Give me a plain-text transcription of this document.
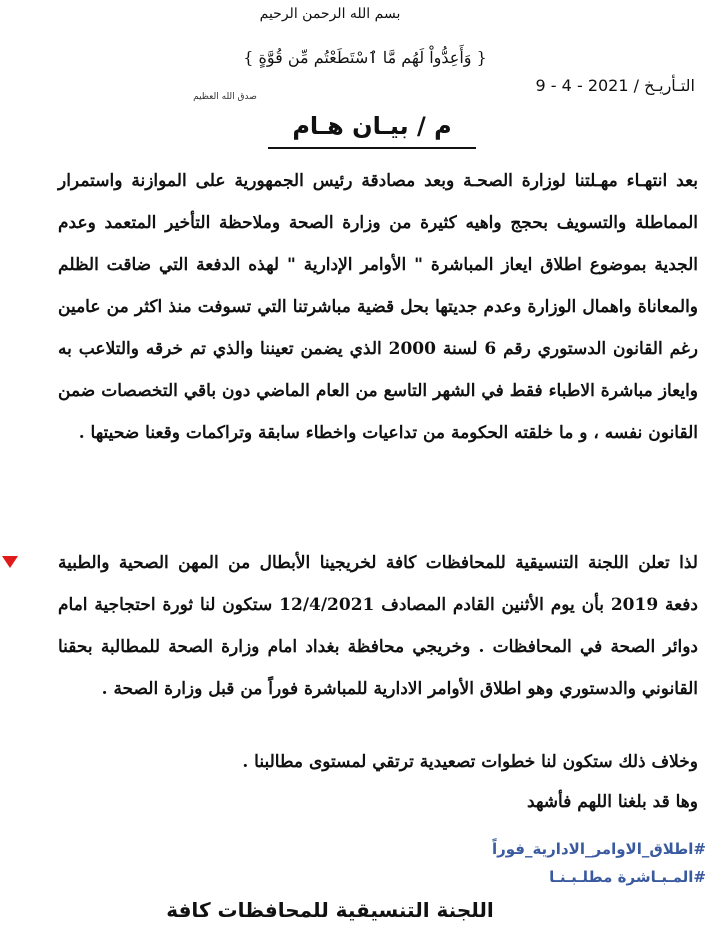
بسم الله الرحمن الرحيم
{ وَأَعِدُّواْ لَهُم مَّا ٱسْتَطَعْتُم مِّن قُوَّةٍ }
صدق الله العظيم
التـأريـخ / 2021 - 4 - 9
م / بيـان هـام
بعد انتهـاء مهـلتنا لوزارة الصحـة وبعد مصادقة رئيس الجمهورية على الموازنة واستمرار المماطلة والتسويف بحجج واهيه كثيرة من وزارة الصحة وملاحظة التأخير المتعمد وعدم الجدية بموضوع اطلاق ايعاز المباشرة " الأوامر الإدارية " لهذه الدفعة التي ضاقت الظلم والمعاناة واهمال الوزارة وعدم جديتها بحل قضية مباشرتنا التي تسوفت منذ اكثر من عامين رغم القانون الدستوري رقم 6 لسنة 2000 الذي يضمن تعيننا والذي تم خرقه والتلاعب به وايعاز مباشرة الاطباء فقط في الشهر التاسع من العام الماضي دون باقي التخصصات ضمن القانون نفسه ، و ما خلقته الحكومة من تداعيات واخطاء سابقة وتراكمات وقعنا ضحيتها .
لذا تعلن اللجنة التنسيقية للمحافظات كافة لخريجينا الأبطال من المهن الصحية والطبية دفعة 2019 بأن يوم الأثنين القادم المصادف 12/4/2021 ستكون لنا ثورة احتجاجية امام دوائر الصحة في المحافظات . وخريجي محافظة بغداد امام وزارة الصحة للمطالبة بحقنا القانوني والدستوري وهو اطلاق الأوامر الادارية للمباشرة فوراً من قبل وزارة الصحة .
وخلاف ذلك ستكون لنا خطوات تصعيدية ترتقي لمستوى مطالبنا .
وها قد بلغنا اللهم فأشهد
#اطلاق_الاوامر_الادارية_فوراً
#المـبـاشرة مطلـبـنـا
اللجنة التنسيقية للمحافظات كافة
